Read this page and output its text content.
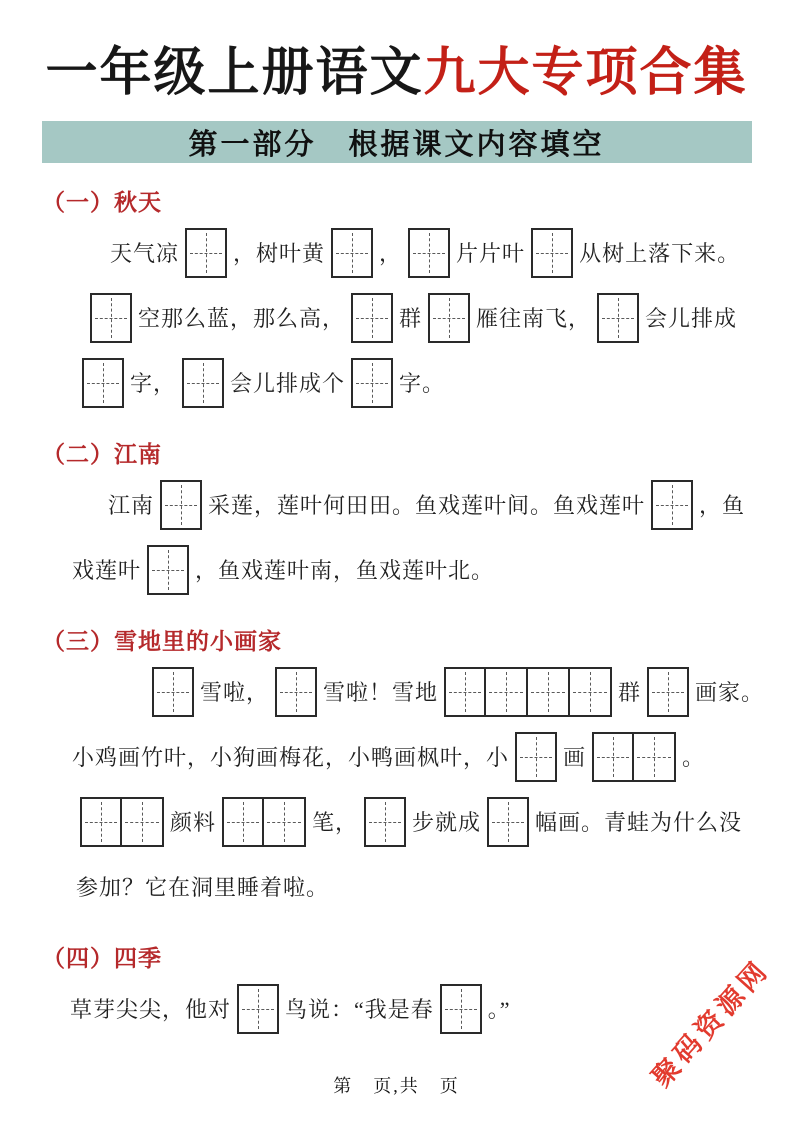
一年级上册语文九大专项合集
第一部分　根据课文内容填空
（一）秋天
天气凉 ，树叶黄 ， 片片叶 从树上落下来。
空那么蓝，那么高， 群 雁往南飞， 会儿排成
字， 会儿排成个 字。
（二）江南
江南 采莲，莲叶何田田。鱼戏莲叶间。鱼戏莲叶 ，鱼
戏莲叶 ，鱼戏莲叶南，鱼戏莲叶北。
（三）雪地里的小画家
雪啦， 雪啦！雪地	群 画家。
小鸡画竹叶，小狗画梅花，小鸭画枫叶，小 画	。
颜料	笔， 步就成 幅画。青蛙为什么没
参加？它在洞里睡着啦。
（四）四季
草芽尖尖，他对 鸟说：“我是春 。”
第　页,共　页	聚码资源网
